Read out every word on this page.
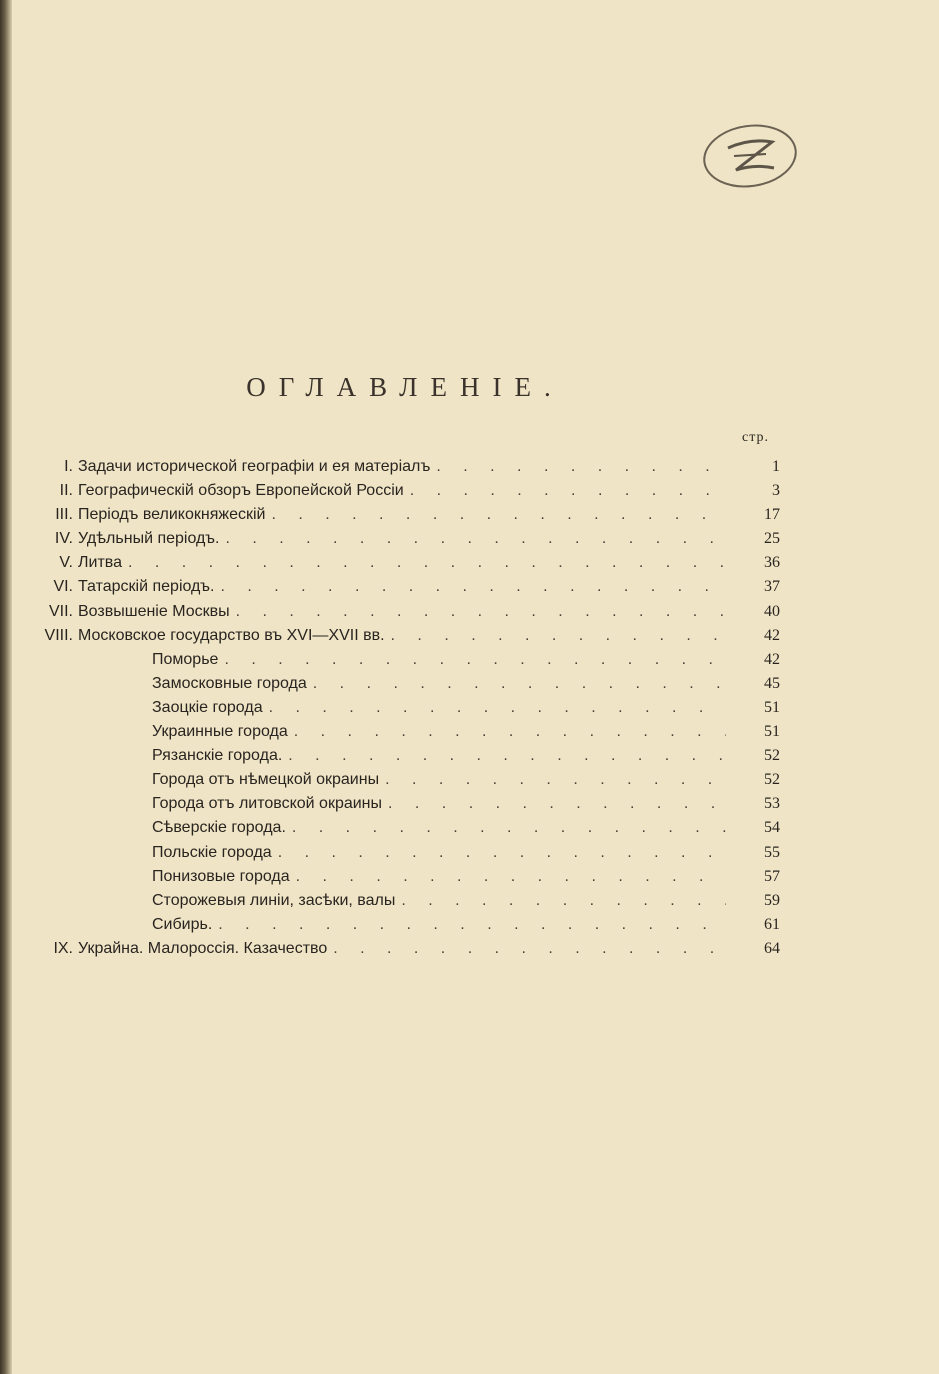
ОГЛАВЛЕНІЕ.
стр.
I. Задачи исторической географіи и ея матеріалъ . . .	1
II. Географическій обзоръ Европейской Россіи . . .	3
III. Періодъ великокняжескій . . .	17
IV. Удѣльный періодъ. . . .	25
V. Литва . . .	36
VI. Татарскій періодъ. . . .	37
VII. Возвышеніе Москвы . . .	40
VIII. Московское государство въ XVI—XVII вв. . . .	42
Поморье . . .	42
Замосковные города . . .	45
Заоцкіе города . . .	51
Украинные города . . .	51
Рязанскіе города. . . .	52
Города отъ нѣмецкой окраины . . .	52
Города отъ литовской окраины . . .	53
Сѣверскіе города. . . .	54
Польскіе города . . .	55
Понизовые города . . .	57
Сторожевыя линіи, засѣки, валы . . .	59
Сибирь. . . .	61
IX. Украйна. Малороссія. Казачество . . .	64
